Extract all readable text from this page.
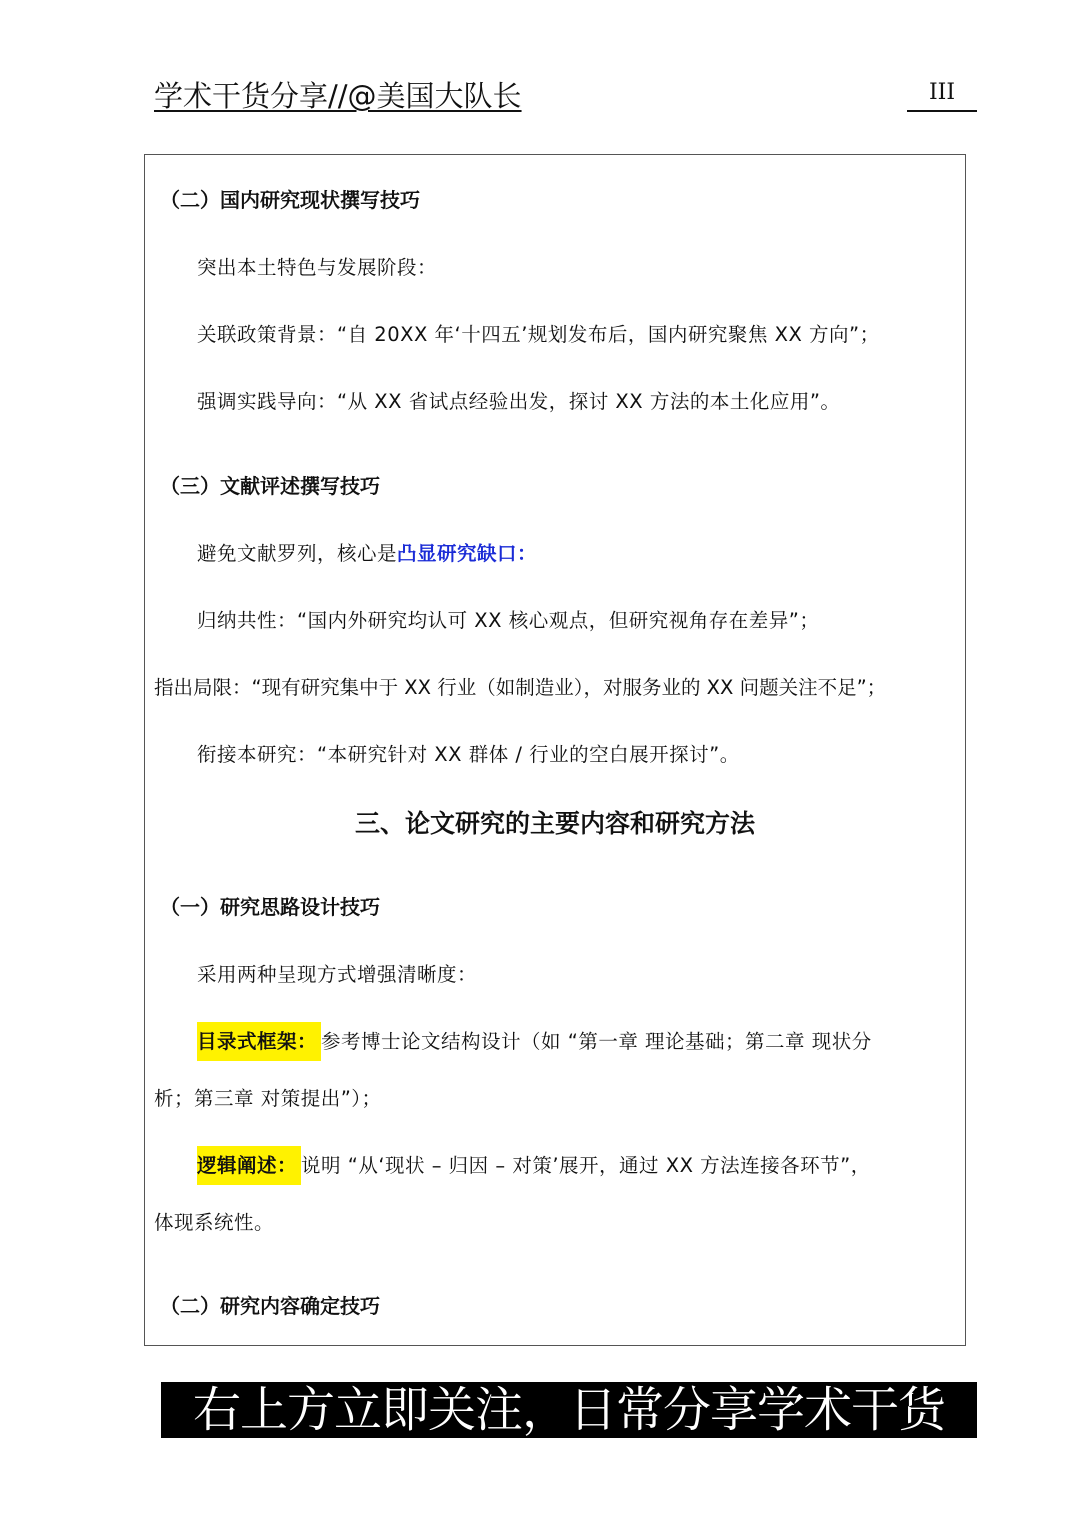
学术干货分享//@美国大队长	III
（二）国内研究现状撰写技巧
突出本土特色与发展阶段：
关联政策背景：“自 20XX 年‘十四五’规划发布后，国内研究聚焦 XX 方向”；
强调实践导向：“从 XX 省试点经验出发，探讨 XX 方法的本土化应用”。
（三）文献评述撰写技巧
避免文献罗列，核心是凸显研究缺口：
归纳共性：“国内外研究均认可 XX 核心观点，但研究视角存在差异”；
指出局限：“现有研究集中于 XX 行业（如制造业），对服务业的 XX 问题关注不足”；
衔接本研究：“本研究针对 XX 群体 / 行业的空白展开探讨”。
三、论文研究的主要内容和研究方法
（一）研究思路设计技巧
采用两种呈现方式增强清晰度：
目录式框架： 参考博士论文结构设计（如 “第一章 理论基础；第二章 现状分
析；第三章 对策提出”）；
逻辑阐述： 说明 “从‘现状 – 归因 – 对策’展开，通过 XX 方法连接各环节”，
体现系统性。
（二）研究内容确定技巧
右上方立即关注，日常分享学术干货
